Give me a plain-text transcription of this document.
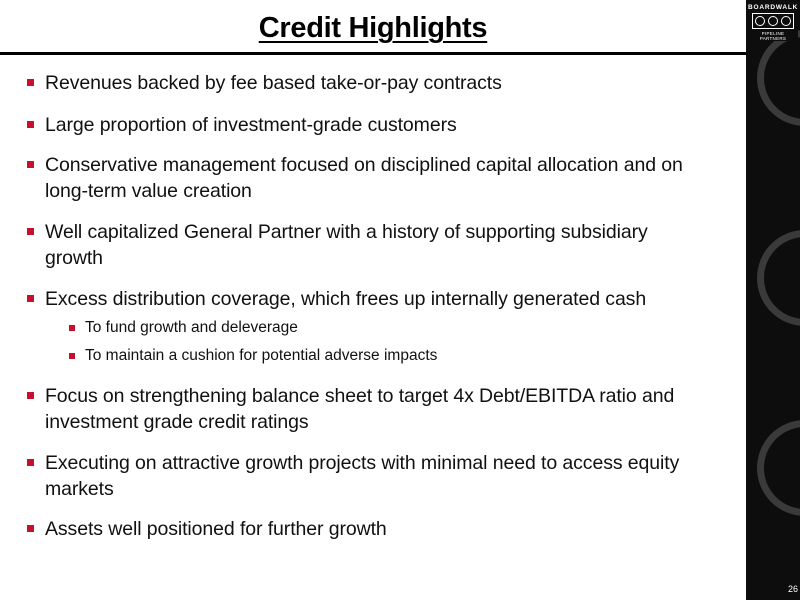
Credit Highlights
BOARDWALK
PIPELINE PARTNERS
26
Revenues backed by fee based take-or-pay contracts
Large proportion of investment-grade customers
Conservative management focused on disciplined capital allocation and on
long-term value creation
Well capitalized General Partner with a history of supporting subsidiary
growth
Excess distribution coverage, which frees up internally generated cash
To fund growth and deleverage
To maintain a cushion for potential adverse impacts
Focus on strengthening balance sheet to target 4x Debt/EBITDA ratio and
investment grade credit ratings
Executing on attractive growth projects with minimal need to access equity
markets
Assets well positioned for further growth
